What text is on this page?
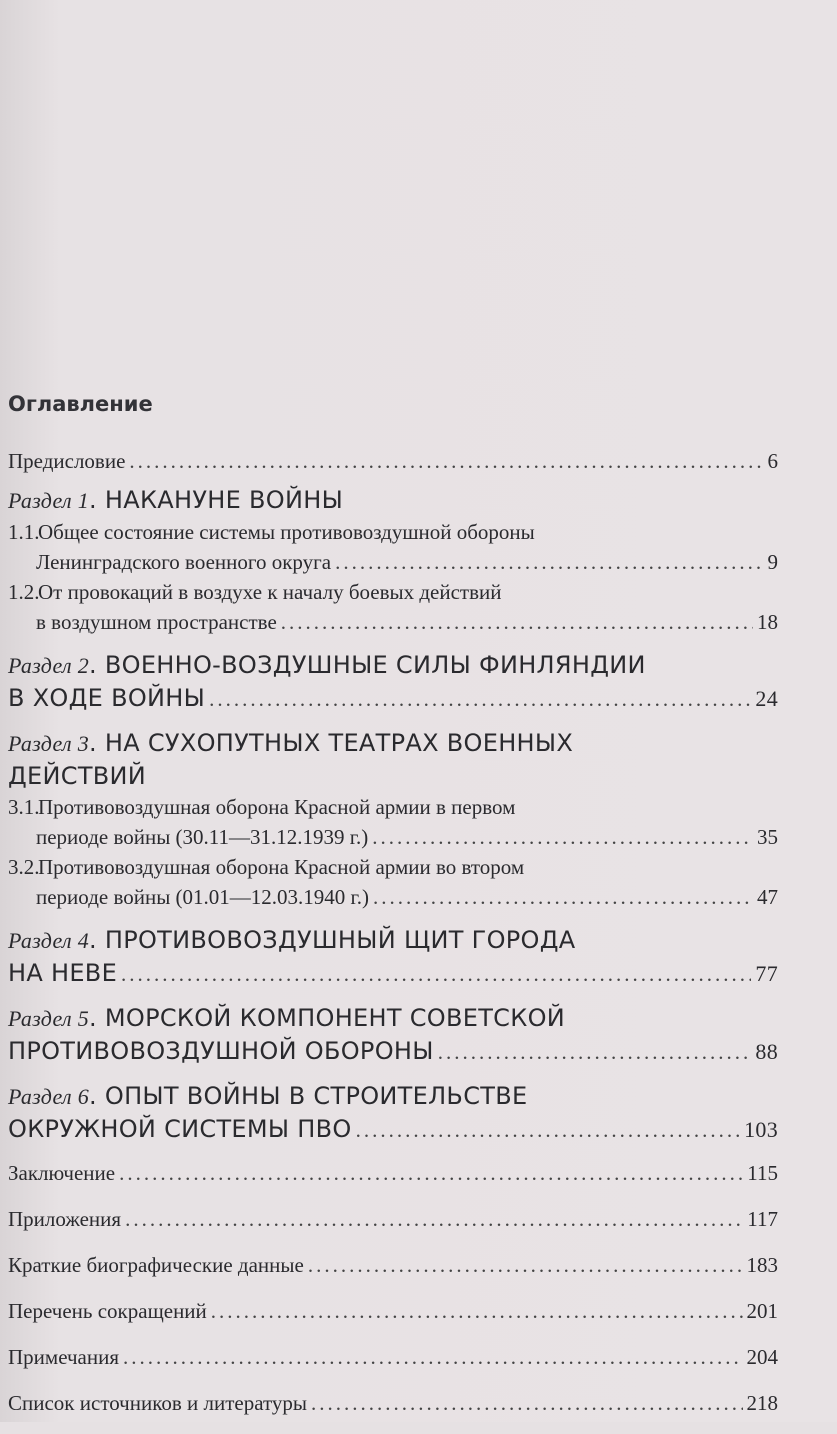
Оглавление
Предисловие .....	6
Раздел 1. НАКАНУНЕ ВОЙНЫ
1.1.Общее состояние системы противовоздушной обороны
Ленинградского военного округа .....	9
1.2.От провокаций в воздухе к началу боевых действий
в воздушном пространстве .....	18
Раздел 2. ВОЕННО-ВОЗДУШНЫЕ СИЛЫ ФИНЛЯНДИИ
В ХОДЕ ВОЙНЫ .....	24
Раздел 3. НА СУХОПУТНЫХ ТЕАТРАХ ВОЕННЫХ
ДЕЙСТВИЙ
3.1.Противовоздушная оборона Красной армии в первом
периоде войны (30.11—31.12.1939 г.) .....	35
3.2.Противовоздушная оборона Красной армии во втором
периоде войны (01.01—12.03.1940 г.) .....	47
Раздел 4. ПРОТИВОВОЗДУШНЫЙ ЩИТ ГОРОДА
НА НЕВЕ .....	77
Раздел 5. МОРСКОЙ КОМПОНЕНТ СОВЕТСКОЙ
ПРОТИВОВОЗДУШНОЙ ОБОРОНЫ .....	88
Раздел 6. ОПЫТ ВОЙНЫ В СТРОИТЕЛЬСТВЕ
ОКРУЖНОЙ СИСТЕМЫ ПВО .....	103
Заключение .....	115
Приложения .....	117
Краткие биографические данные .....	183
Перечень сокращений .....	201
Примечания .....	204
Список источников и литературы .....	218
